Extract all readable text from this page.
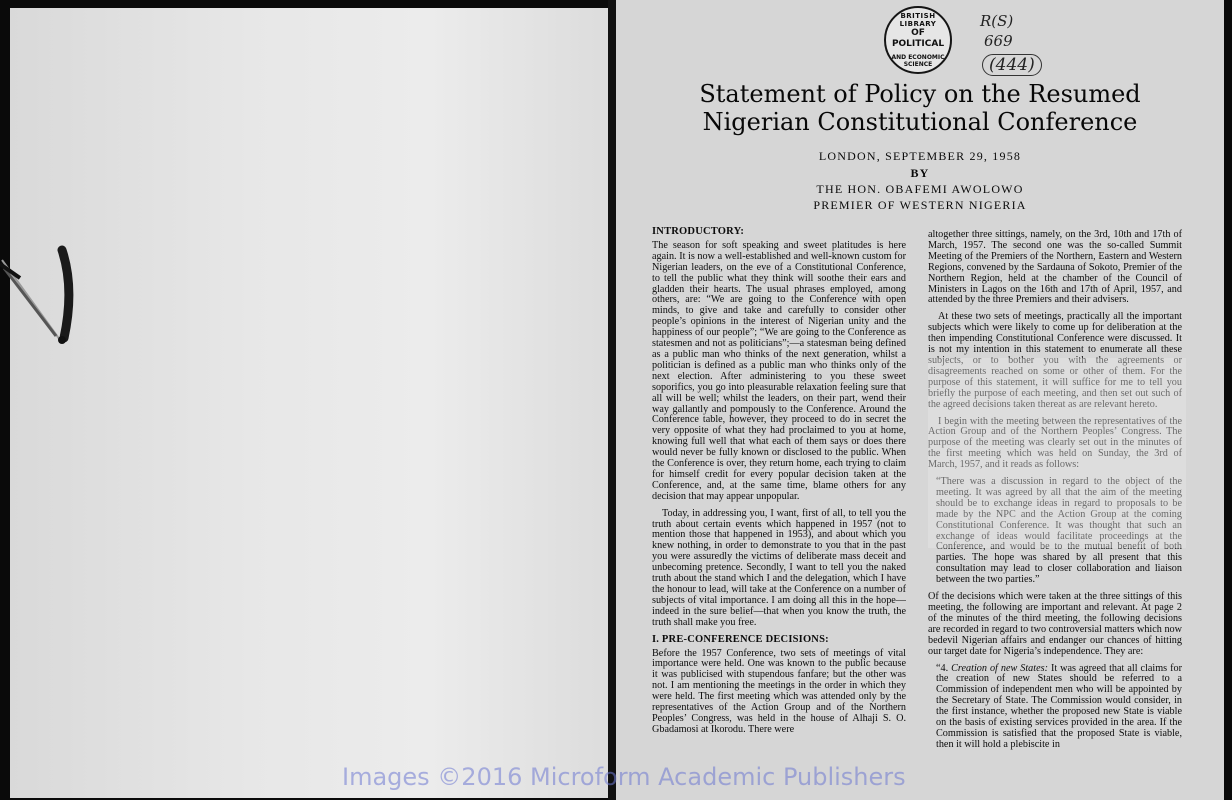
BRITISH LIBRARY
OF
POLITICAL
AND ECONOMIC SCIENCE
R(S)
669
(444)
Statement of Policy on the Resumed
Nigerian Constitutional Conference
LONDON, SEPTEMBER 29, 1958
BY
THE HON. OBAFEMI AWOLOWO
PREMIER OF WESTERN NIGERIA
INTRODUCTORY:

The season for soft speaking and sweet platitudes is here again. It is now a well-established and well-known custom for Nigerian leaders, on the eve of a Constitutional Conference, to tell the public what they think will soothe their ears and gladden their hearts. The usual phrases employed, among others, are: “We are going to the Conference with open minds, to give and take and carefully to consider other people’s opinions in the interest of Nigerian unity and the happiness of our people”; “We are going to the Conference as statesmen and not as politicians”;—a statesman being defined as a public man who thinks of the next generation, whilst a politician is defined as a public man who thinks only of the next election. After administering to you these sweet soporifics, you go into pleasurable relaxation feeling sure that all will be well; whilst the leaders, on their part, wend their way gallantly and pompously to the Conference. Around the Conference table, however, they proceed to do in secret the very opposite of what they had proclaimed to you at home, knowing full well that what each of them says or does there would never be fully known or disclosed to the public. When the Conference is over, they return home, each trying to claim for himself credit for every popular decision taken at the Conference, and, at the same time, blame others for any decision that may appear unpopular.

Today, in addressing you, I want, first of all, to tell you the truth about certain events which happened in 1957 (not to mention those that happened in 1953), and about which you knew nothing, in order to demonstrate to you that in the past you were assuredly the victims of deliberate mass deceit and unbecoming pretence. Secondly, I want to tell you the naked truth about the stand which I and the delegation, which I have the honour to lead, will take at the Conference on a number of subjects of vital importance. I am doing all this in the hope—indeed in the sure belief—that when you know the truth, the truth shall make you free.

I. PRE-CONFERENCE DECISIONS:

Before the 1957 Conference, two sets of meetings of vital importance were held. One was known to the public because it was publicised with stupendous fanfare; but the other was not. I am mentioning the meetings in the order in which they were held. The first meeting which was attended only by the representatives of the Action Group and of the Northern Peoples’ Congress, was held in the house of Alhaji S. O. Gbadamosi at Ikorodu. There were

altogether three sittings, namely, on the 3rd, 10th and 17th of March, 1957. The second one was the so-called Summit Meeting of the Premiers of the Northern, Eastern and Western Regions, convened by the Sardauna of Sokoto, Premier of the Northern Region, held at the chamber of the Council of Ministers in Lagos on the 16th and 17th of April, 1957, and attended by the three Premiers and their advisers.

At these two sets of meetings, practically all the important subjects which were likely to come up for deliberation at the then impending Constitutional Conference were discussed. It is not my intention in this statement to enumerate all these subjects, or to bother you with the agreements or disagreements reached on some or other of them. For the purpose of this statement, it will suffice for me to tell you briefly the purpose of each meeting, and then set out such of the agreed decisions taken thereat as are relevant hereto.

I begin with the meeting between the representatives of the Action Group and of the Northern Peoples’ Congress. The purpose of the meeting was clearly set out in the minutes of the first meeting which was held on Sunday, the 3rd of March, 1957, and it reads as follows:

“There was a discussion in regard to the object of the meeting. It was agreed by all that the aim of the meeting should be to exchange ideas in regard to proposals to be made by the NPC and the Action Group at the coming Constitutional Conference. It was thought that such an exchange of ideas would facilitate proceedings at the Conference, and would be to the mutual benefit of both parties. The hope was shared by all present that this consultation may lead to closer collaboration and liaison between the two parties.”

Of the decisions which were taken at the three sittings of this meeting, the following are important and relevant. At page 2 of the minutes of the third meeting, the following decisions are recorded in regard to two controversial matters which now bedevil Nigerian affairs and endanger our chances of hitting our target date for Nigeria’s independence. They are:

“4. Creation of new States: It was agreed that all claims for the creation of new States should be referred to a Commission of independent men who will be appointed by the Secretary of State. The Commission would consider, in the first instance, whether the proposed new State is viable on the basis of existing services provided in the area. If the Commission is satisfied that the proposed State is viable, then it will hold a plebiscite in

Images ©2016 Microform Academic Publishers
